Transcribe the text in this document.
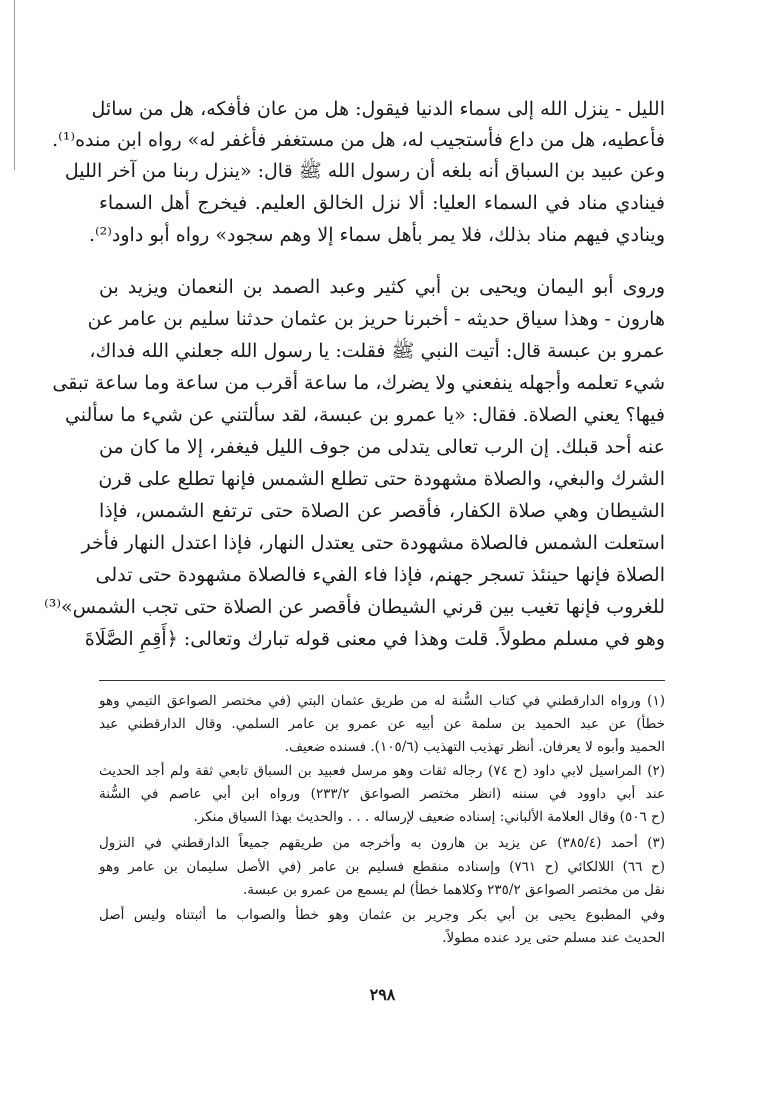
الليل - ينزل الله إلى سماء الدنيا فيقول: هل من عان فأفكه، هل من سائل
فأعطيه، هل من داع فأستجيب له، هل من مستغفر فأغفر له» رواه ابن منده⁽¹⁾.
وعن عبيد بن السباق أنه بلغه أن رسول الله ﷺ قال: «ينزل ربنا من آخر الليل
فينادي مناد في السماء العليا: ألا نزل الخالق العليم. فيخرج أهل السماء
وينادي فيهم مناد بذلك، فلا يمر بأهل سماء إلا وهم سجود» رواه أبو داود⁽²⁾.
وروى أبو اليمان ويحيى بن أبي كثير وعبد الصمد بن النعمان ويزيد بن
هارون - وهذا سياق حديثه - أخبرنا حريز بن عثمان حدثنا سليم بن عامر عن
عمرو بن عبسة قال: أتيت النبي ﷺ فقلت: يا رسول الله جعلني الله فداك،
شيء تعلمه وأجهله ينفعني ولا يضرك، ما ساعة أقرب من ساعة وما ساعة تبقى
فيها؟ يعني الصلاة. فقال: «يا عمرو بن عبسة، لقد سألتني عن شيء ما سألني
عنه أحد قبلك. إن الرب تعالى يتدلى من جوف الليل فيغفر، إلا ما كان من
الشرك والبغي، والصلاة مشهودة حتى تطلع الشمس فإنها تطلع على قرن
الشيطان وهي صلاة الكفار، فأقصر عن الصلاة حتى ترتفع الشمس، فإذا
استعلت الشمس فالصلاة مشهودة حتى يعتدل النهار، فإذا اعتدل النهار فأخر
الصلاة فإنها حينئذ تسجر جهنم، فإذا فاء الفيء فالصلاة مشهودة حتى تدلى
للغروب فإنها تغيب بين قرني الشيطان فأقصر عن الصلاة حتى تجب الشمس»⁽³⁾
وهو في مسلم مطولاً. قلت وهذا في معنى قوله تبارك وتعالى: ﴿أَقِمِ الصَّلَاةَ
(١) ورواه الدارقطني في كتاب السُّنة له من طريق عثمان البتي (في مختصر الصواعق التيمي وهو
خطأ) عن عبد الحميد بن سلمة عن أبيه عن عمرو بن عامر السلمي. وقال الدارقطني عبد
الحميد وأبوه لا يعرفان. أنظر تهذيب التهذيب (١٠٥/٦). فسنده ضعيف.
(٢) المراسيل لابي داود (ح ٧٤) رجاله ثقات وهو مرسل فعبيد بن السباق تابعي ثقة ولم أجد الحديث
عند أبي داوود في سننه (انظر مختصر الصواعق ٢٣٣/٢) ورواه ابن أبي عاصم في السُّنة
(ح ٥٠٦) وقال العلامة الألباني: إسناده ضعيف لإرساله . . . والحديث بهذا السياق منكر.
(٣) أحمد (٣٨٥/٤) عن يزيد بن هارون به وأخرجه من طريقهم جميعاً الدارقطني في النزول
(ح ٦٦) اللالكائي (ح ٧٦١) وإسناده منقطع فسليم بن عامر (في الأصل سليمان بن عامر وهو
نقل من مختصر الصواعق ٢٣٥/٢ وكلاهما خطأ) لم يسمع من عمرو بن عبسة.
وفي المطبوع يحيى بن أبي بكر وجرير بن عثمان وهو خطأ والصواب ما أثبتناه وليس أصل
الحديث عند مسلم حتى يرد عنده مطولاً.
٢٩٨
